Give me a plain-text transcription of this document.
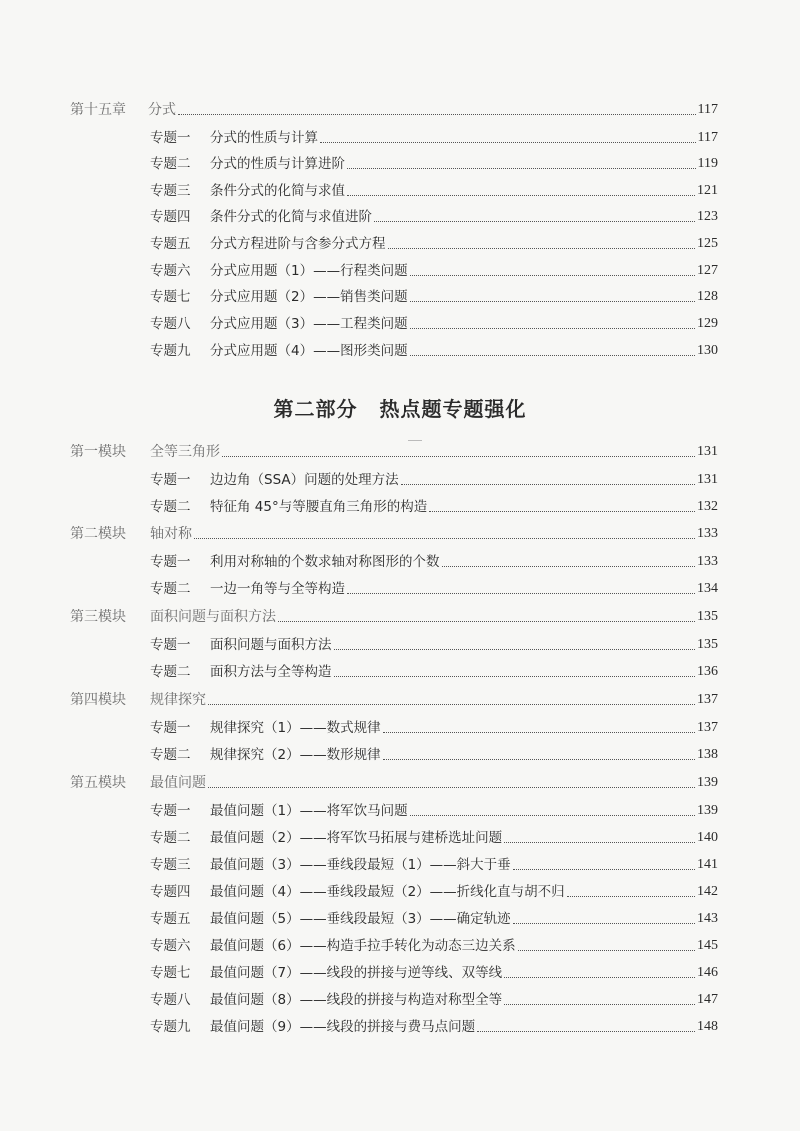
第十五章	分式	117
专题一	分式的性质与计算	117
专题二	分式的性质与计算进阶	119
专题三	条件分式的化简与求值	121
专题四	条件分式的化简与求值进阶	123
专题五	分式方程进阶与含参分式方程	125
专题六	分式应用题（1）——行程类问题	127
专题七	分式应用题（2）——销售类问题	128
专题八	分式应用题（3）——工程类问题	129
专题九	分式应用题（4）——图形类问题	130
第二部分 热点题专题强化
第一模块	全等三角形	131
专题一	边边角（SSA）问题的处理方法	131
专题二	特征角 45°与等腰直角三角形的构造	132
第二模块	轴对称	133
专题一	利用对称轴的个数求轴对称图形的个数	133
专题二	一边一角等与全等构造	134
第三模块	面积问题与面积方法	135
专题一	面积问题与面积方法	135
专题二	面积方法与全等构造	136
第四模块	规律探究	137
专题一	规律探究（1）——数式规律	137
专题二	规律探究（2）——数形规律	138
第五模块	最值问题	139
专题一	最值问题（1）——将军饮马问题	139
专题二	最值问题（2）——将军饮马拓展与建桥选址问题	140
专题三	最值问题（3）——垂线段最短（1）——斜大于垂	141
专题四	最值问题（4）——垂线段最短（2）——折线化直与胡不归	142
专题五	最值问题（5）——垂线段最短（3）——确定轨迹	143
专题六	最值问题（6）——构造手拉手转化为动态三边关系	145
专题七	最值问题（7）——线段的拼接与逆等线、双等线	146
专题八	最值问题（8）——线段的拼接与构造对称型全等	147
专题九	最值问题（9）——线段的拼接与费马点问题	148
